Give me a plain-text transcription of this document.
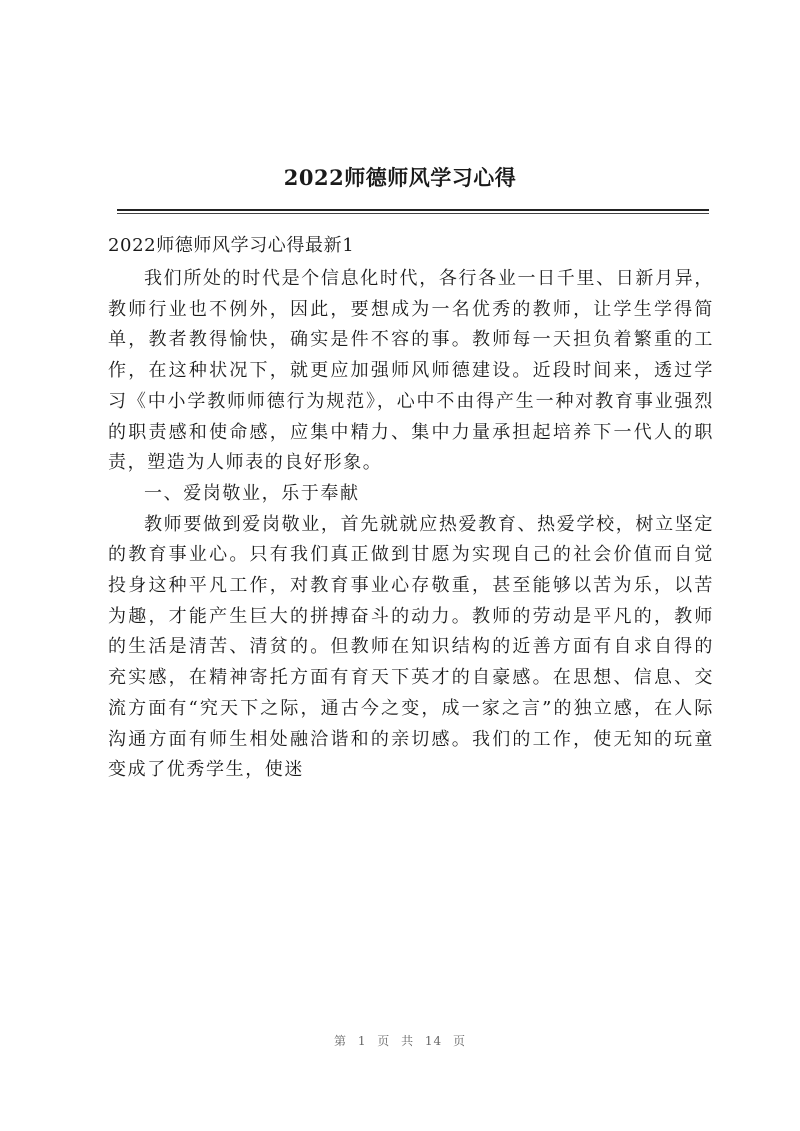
2022师德师风学习心得

2022师德师风学习心得最新1

我们所处的时代是个信息化时代，各行各业一日千里、日新月异，教师行业也不例外，因此，要想成为一名优秀的教师，让学生学得简单，教者教得愉快，确实是件不容的事。教师每一天担负着繁重的工作，在这种状况下，就更应加强师风师德建设。近段时间来，透过学习《中小学教师师德行为规范》，心中不由得产生一种对教育事业强烈的职责感和使命感，应集中精力、集中力量承担起培养下一代人的职责，塑造为人师表的良好形象。

一、爱岗敬业，乐于奉献

教师要做到爱岗敬业，首先就就应热爱教育、热爱学校，树立坚定的教育事业心。只有我们真正做到甘愿为实现自己的社会价值而自觉投身这种平凡工作，对教育事业心存敬重，甚至能够以苦为乐，以苦为趣，才能产生巨大的拼搏奋斗的动力。教师的劳动是平凡的，教师的生活是清苦、清贫的。但教师在知识结构的近善方面有自求自得的充实感，在精神寄托方面有育天下英才的自豪感。在思想、信息、交流方面有“究天下之际，通古今之变，成一家之言”的独立感，在人际沟通方面有师生相处融洽谐和的亲切感。我们的工作，使无知的玩童变成了优秀学生，使迷

第 1 页 共 14 页
